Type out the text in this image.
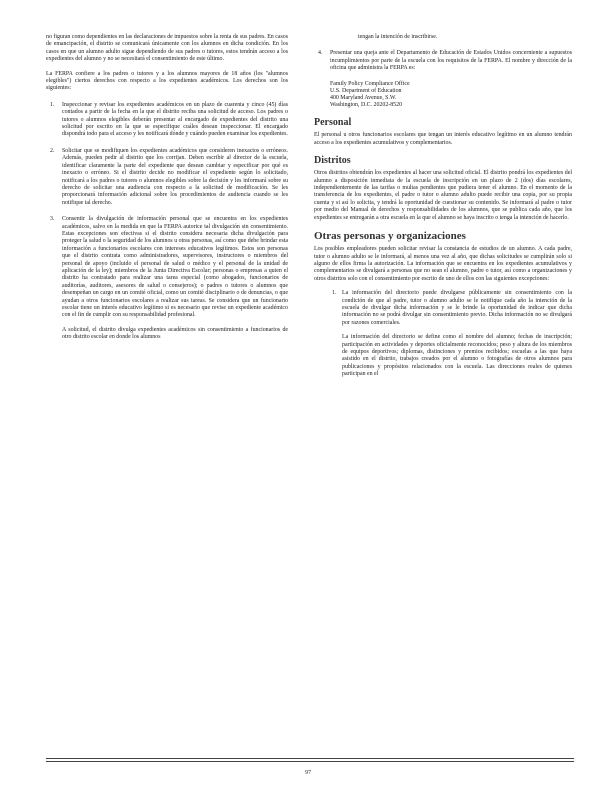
no figuran como dependientes en las declaraciones de impuestos sobre la renta de sus padres. En casos de emancipación, el distrito se comunicará únicamente con los alumnos en dicha condición. En los casos en que un alumno adulto sigue dependiendo de sus padres o tutores, estos tendrán acceso a los expedientes del alumno y no se necesitará el consentimiento de este último.

La FERPA confiere a los padres o tutores y a los alumnos mayores de 18 años (los "alumnos elegibles") ciertos derechos con respecto a los expedientes académicos. Los derechos son los siguientes:

1. Inspeccionar y revisar los expedientes académicos en un plazo de cuarenta y cinco (45) días contados a partir de la fecha en la que el distrito reciba una solicitud de acceso. Los padres o tutores o alumnos elegibles deberán presentar al encargado de expedientes del distrito una solicitud por escrito en la que se especifique cuáles desean inspeccionar. El encargado dispondrá todo para el acceso y les notificará dónde y cuándo pueden examinar los expedientes.

2. Solicitar que se modifiquen los expedientes académicos que consideren inexactos o erróneos. Además, pueden pedir al distrito que los corrijan. Deben escribir al director de la escuela, identificar claramente la parte del expediente que desean cambiar y especificar por qué es inexacto o erróneo. Si el distrito decide no modificar el expediente según lo solicitado, notificará a los padres o tutores o alumnos elegibles sobre la decisión y les informará sobre su derecho de solicitar una audiencia con respecto a la solicitud de modificación. Se les proporcionará información adicional sobre los procedimientos de audiencia cuando se les notifique tal derecho.

3. Consentir la divulgación de información personal que se encuentra en los expedientes académicos, salvo en la medida en que la FERPA autorice tal divulgación sin consentimiento. Estas excepciones son efectivas si el distrito considera necesaria dicha divulgación para proteger la salud o la seguridad de los alumnos u otras personas, así como que debe brindar esta información a funcionarios escolares con intereses educativos legítimos. Estos son personas que el distrito contrata como administradores, supervisores, instructores o miembros del personal de apoyo (incluido el personal de salud o médico y el personal de la unidad de aplicación de la ley); miembros de la Junta Directiva Escolar; personas o empresas a quien el distrito ha contratado para realizar una tarea especial (como abogados, funcionarios de auditorías, auditores, asesores de salud o consejeros); o padres o tutores o alumnos que desempeñan un cargo en un comité oficial, como un comité disciplinario o de denuncias, o que ayudan a otros funcionarios escolares a realizar sus tareas. Se considera que un funcionario escolar tiene un interés educativo legítimo si es necesario que revise un expediente académico con el fin de cumplir con su responsabilidad profesional.

A solicitud, el distrito divulga expedientes académicos sin consentimiento a funcionarios de otro distrito escolar en donde los alumnos

tengan la intención de inscribirse.

4. Presentar una queja ante el Departamento de Educación de Estados Unidos concerniente a supuestos incumplimientos por parte de la escuela con los requisitos de la FERPA. El nombre y dirección de la oficina que administra la FERPA es:

Family Policy Compliance Office
U.S. Department of Education
400 Maryland Avenue, S.W.
Washington, D.C. 20202-8520
Personal

El personal u otros funcionarios escolares que tengan un interés educativo legítimo en un alumno tendrán acceso a los expedientes acumulativos y complementarios.

Distritos

Otros distritos obtendrán los expedientes al hacer una solicitud oficial. El distrito pondrá los expedientes del alumno a disposición inmediata de la escuela de inscripción en un plazo de 2 (dos) días escolares, independientemente de las tarifas o multas pendientes que pudiera tener el alumno. En el momento de la transferencia de los expedientes, el padre o tutor o alumno adulto puede recibir una copia, por su propia cuenta y si así lo solicita, y tendrá la oportunidad de cuestionar su contenido. Se informará al padre o tutor por medio del Manual de derechos y responsabilidades de los alumnos, que se publica cada año, que los expedientes se entregarán a otra escuela en la que el alumno se haya inscrito o tenga la intención de hacerlo.

Otras personas y organizaciones

Los posibles empleadores pueden solicitar revisar la constancia de estudios de un alumno. A cada padre, tutor o alumno adulto se le informará, al menos una vez al año, que dichas solicitudes se cumplirán solo si alguno de ellos firma la autorización. La información que se encuentra en los expedientes acumulativos y complementarios se divulgará a personas que no sean el alumno, padre o tutor, así como a organizaciones y otros distritos solo con el consentimiento por escrito de uno de ellos con las siguientes excepciones:

1. La información del directorio puede divulgarse públicamente sin consentimiento con la condición de que al padre, tutor o alumno adulto se le notifique cada año la intención de la escuela de divulgar dicha información y se le brinde la oportunidad de indicar que dicha información no se podrá divulgar sin consentimiento previo. Dicha información no se divulgará por razones comerciales.

La información del directorio se define como el nombre del alumno; fechas de inscripción; participación en actividades y deportes oficialmente reconocidos; peso y altura de los miembros de equipos deportivos; diplomas, distinciones y premios recibidos; escuelas a las que haya asistido en el distrito, trabajos creados por el alumno o fotografías de otros alumnos para publicaciones y propósitos relacionados con la escuela. Las direcciones reales de quienes participan en el

97
